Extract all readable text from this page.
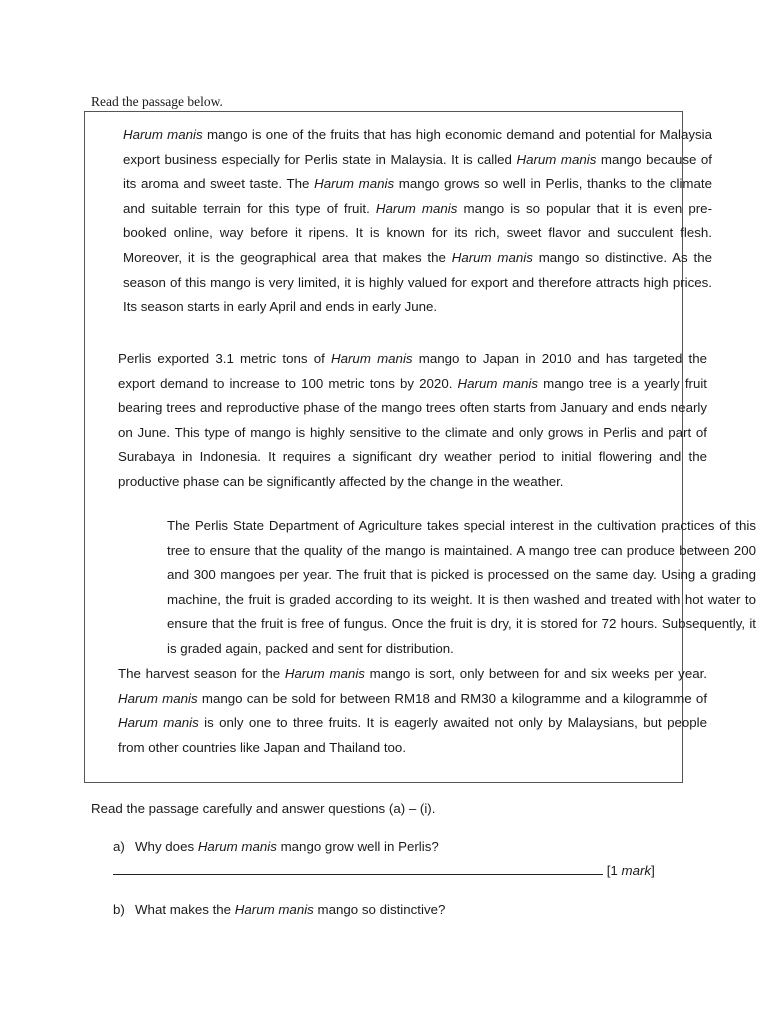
Read the passage below.

Harum manis mango is one of the fruits that has high economic demand and potential for Malaysia export business especially for Perlis state in Malaysia. It is called Harum manis mango because of its aroma and sweet taste. The Harum manis mango grows so well in Perlis, thanks to the climate and suitable terrain for this type of fruit. Harum manis mango is so popular that it is even pre-booked online, way before it ripens. It is known for its rich, sweet flavor and succulent flesh. Moreover, it is the geographical area that makes the Harum manis mango so distinctive. As the season of this mango is very limited, it is highly valued for export and therefore attracts high prices. Its season starts in early April and ends in early June.

Perlis exported 3.1 metric tons of Harum manis mango to Japan in 2010 and has targeted the export demand to increase to 100 metric tons by 2020. Harum manis mango tree is a yearly fruit bearing trees and reproductive phase of the mango trees often starts from January and ends nearly on June. This type of mango is highly sensitive to the climate and only grows in Perlis and part of Surabaya in Indonesia. It requires a significant dry weather period to initial flowering and the productive phase can be significantly affected by the change in the weather.

The Perlis State Department of Agriculture takes special interest in the cultivation practices of this tree to ensure that the quality of the mango is maintained. A mango tree can produce between 200 and 300 mangoes per year. The fruit that is picked is processed on the same day. Using a grading machine, the fruit is graded according to its weight. It is then washed and treated with hot water to ensure that the fruit is free of fungus. Once the fruit is dry, it is stored for 72 hours. Subsequently, it is graded again, packed and sent for distribution.

The harvest season for the Harum manis mango is sort, only between for and six weeks per year. Harum manis mango can be sold for between RM18 and RM30 a kilogramme and a kilogramme of Harum manis is only one to three fruits. It is eagerly awaited not only by Malaysians, but people from other countries like Japan and Thailand too.

Read the passage carefully and answer questions (a) – (i).
a) Why does Harum manis mango grow well in Perlis?
[1 mark]
b) What makes the Harum manis mango so distinctive?
